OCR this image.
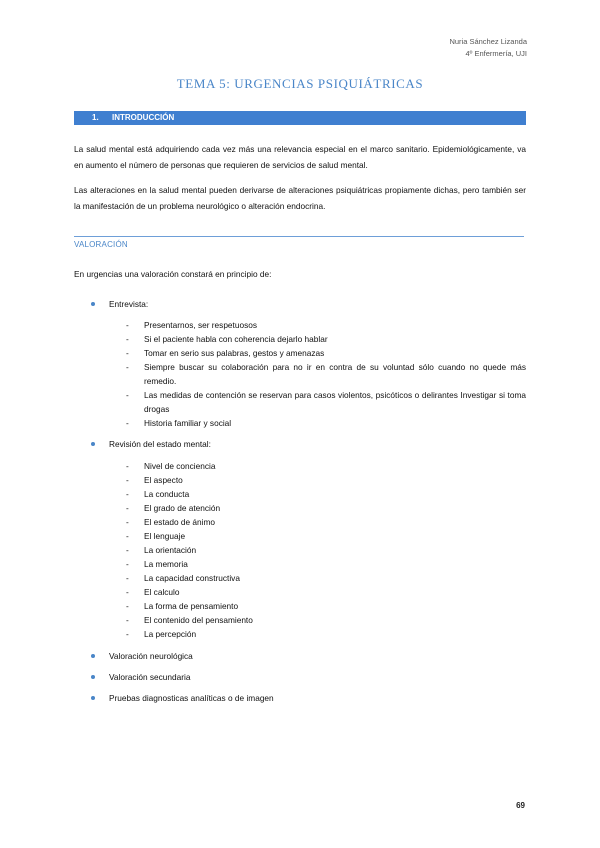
Nuria Sánchez Lizanda
4º Enfermería, UJI
TEMA 5: URGENCIAS PSIQUIÁTRICAS
1. INTRODUCCIÓN
La salud mental está adquiriendo cada vez más una relevancia especial en el marco sanitario. Epidemiológicamente, va en aumento el número de personas que requieren de servicios de salud mental.
Las alteraciones en la salud mental pueden derivarse de alteraciones psiquiátricas propiamente dichas, pero también ser la manifestación de un problema neurológico o alteración endocrina.
VALORACIÓN
En urgencias una valoración constará en principio de:
Entrevista:
- Presentarnos, ser respetuosos
- Si el paciente habla con coherencia dejarlo hablar
- Tomar en serio sus palabras, gestos y amenazas
- Siempre buscar su colaboración para no ir en contra de su voluntad sólo cuando no quede más remedio.
- Las medidas de contención se reservan para casos violentos, psicóticos o delirantes Investigar si toma drogas
- Historia familiar y social
Revisión del estado mental:
- Nivel de conciencia
- El aspecto
- La conducta
- El grado de atención
- El estado de ánimo
- El lenguaje
- La orientación
- La memoria
- La capacidad constructiva
- El calculo
- La forma de pensamiento
- El contenido del pensamiento
- La percepción
Valoración neurológica
Valoración secundaria
Pruebas diagnosticas analíticas o de imagen
69
